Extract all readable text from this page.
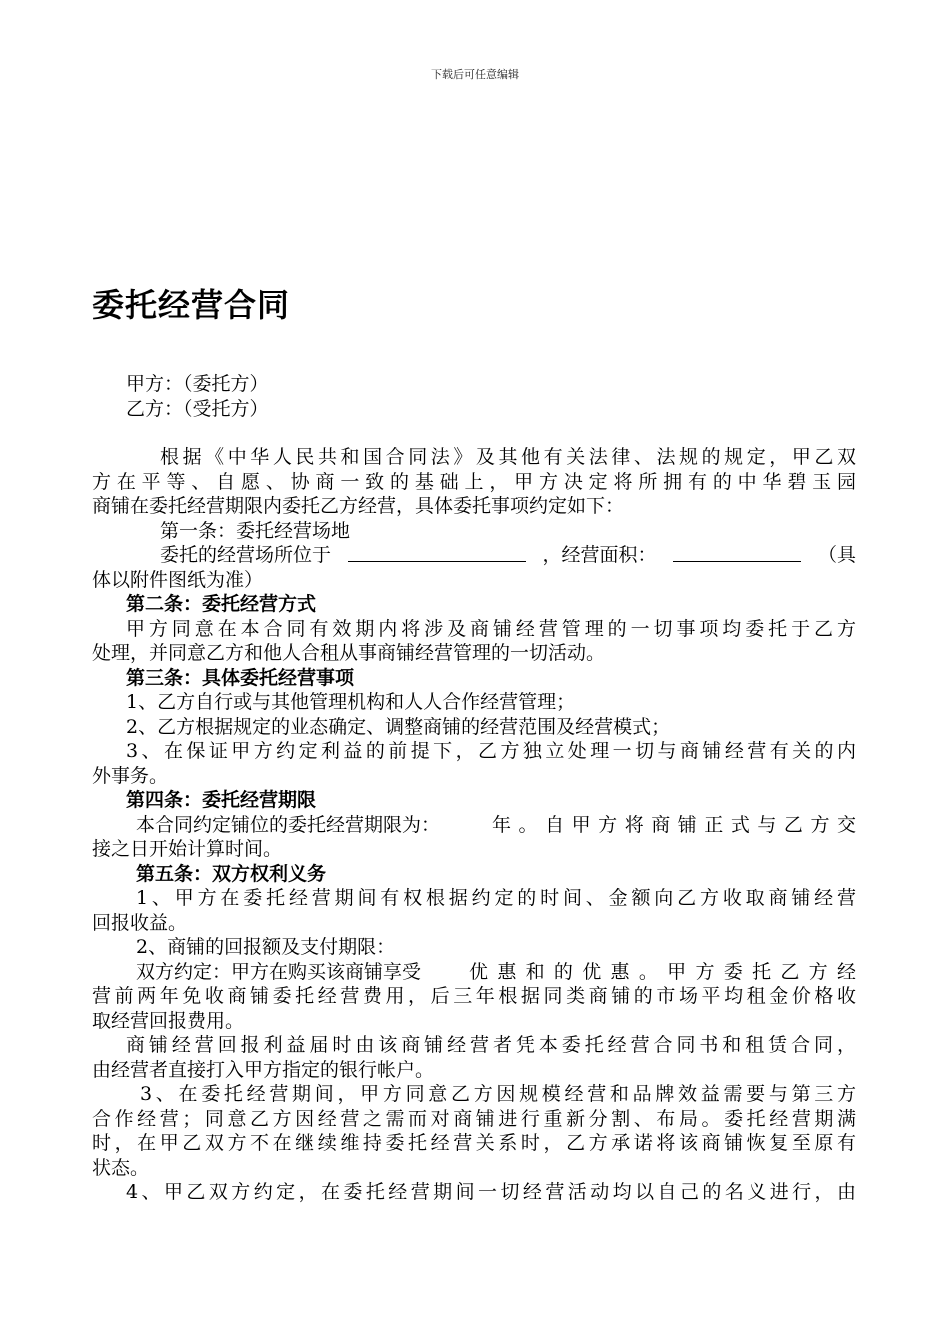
下载后可任意编辑
委托经营合同
甲方：（委托方）
乙方：（受托方）
根据《中华人民共和国合同法》及其他有关法律、法规的规定，甲乙双
方在平等、自愿、协商一致的基础上，甲方决定将所拥有的中华碧玉园
商铺在委托经营期限内委托乙方经营，具体委托事项约定如下：
第一条：委托经营场地
委托的经营场所位于	，经营面积：	（具
体以附件图纸为准）
第二条：委托经营方式
甲方同意在本合同有效期内将涉及商铺经营管理的一切事项均委托于乙方
处理，并同意乙方和他人合租从事商铺经营管理的一切活动。
第三条：具体委托经营事项
1、乙方自行或与其他管理机构和人人合作经营管理；
2、乙方根据规定的业态确定、调整商铺的经营范围及经营模式；
3、在保证甲方约定利益的前提下，乙方独立处理一切与商铺经营有关的内
外事务。
第四条：委托经营期限
本合同约定铺位的委托经营期限为：	年。自甲方将商铺正式与乙方交
接之日开始计算时间。
第五条：双方权利义务
1、甲方在委托经营期间有权根据约定的时间、金额向乙方收取商铺经营
回报收益。
2、商铺的回报额及支付期限：
双方约定：甲方在购买该商铺享受	优惠和的优惠。甲方委托乙方经
营前两年免收商铺委托经营费用，后三年根据同类商铺的市场平均租金价格收
取经营回报费用。
商铺经营回报利益届时由该商铺经营者凭本委托经营合同书和租赁合同，
由经营者直接打入甲方指定的银行帐户。
3、在委托经营期间，甲方同意乙方因规模经营和品牌效益需要与第三方
合作经营；同意乙方因经营之需而对商铺进行重新分割、布局。委托经营期满
时，在甲乙双方不在继续维持委托经营关系时，乙方承诺将该商铺恢复至原有
状态。
4、甲乙双方约定，在委托经营期间一切经营活动均以自己的名义进行，由
